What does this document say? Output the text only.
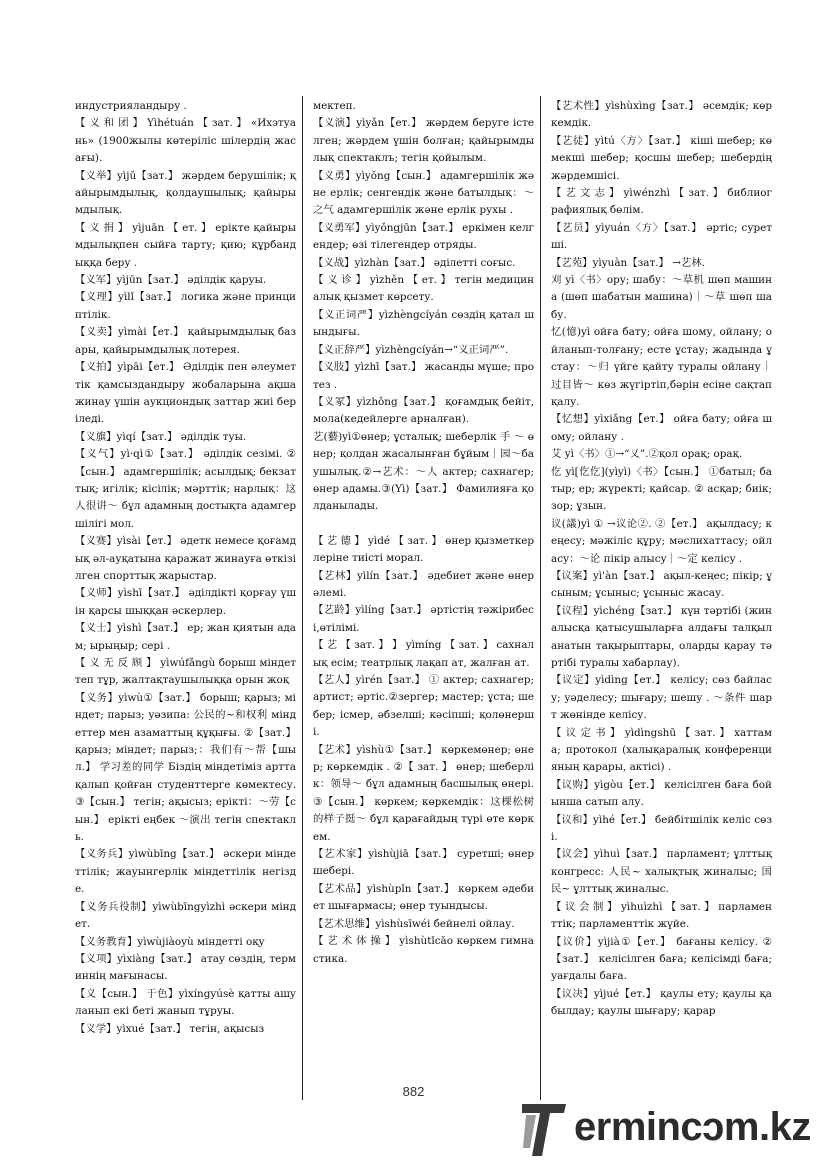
индустрияландыру .

【 义 和 团 】 Yìhétuán 【 зат. 】 «Ихэтуань» (1900жылы көтеріліс шілердің жасағы).

【义举】yìjǔ【зат.】 жәрдем берушілік; қайырымдылық, қолдаушылық; қайырымдылық.

【 义 捐 】 yìjuān 【 ет. 】 ерікте қайырымдылықпен сыйға тарту; қию; құрбандыққа беру .

【义军】yìjūn【зат.】 әділдік қаруы.

【义理】yìlǐ【зат.】 логика және принциптілік.

【义卖】yìmài【ет.】 қайырымдылық базары, қайырымдылық лотерея.

【义拍】yìpāi【ет.】 Әділдік пен әлеуметтік қамсыздандыру жобаларына ақша жинау үшін аукциондық заттар жиі беріледі.

【义旗】yìqí【зат.】 әділдік туы.

【义气】yì·qì①【зат.】 әділдік сезімі. ② 【сын.】 адамгершілік; асылдық; бекзаттық; игілік; кісілік; мәрттік; нарлық：这人很讲～ бұл адамның достықта адамгершілігі мол.

【义赛】yìsài【ет.】 әдетк немесе қоғамдық әл-ауқатына қаражат жинауға өткізілген спорттық жарыстар.

【义师】yìshī【зат.】 әділдікті қорғау үшін қарсы шыққан әскерлер.

【义士】yìshì【зат.】 ер; жан қиятын адам; ырыңыр; сері .

【 义 无 反 顾 】 yìwúfǎngù борыш міндеттеп тұр, жалтақтаушылыққа орын жоқ

【义务】yìwù①【зат.】 борыш; қарыз; міндет; парыз; уәзипа: 公民的~和权利 міндеттер мен азаматтың құқығы. ②【зат.】 қарыз; міндет; парыз;：我们有～帮【шыл.】 学习差的同学 Біздің міндетіміз артта қалып қойған студенттерге көмектесу. ③【сын.】 тегін; ақысыз; ерікті：～劳【сын.】 ерікті еңбек ～演出 тегін спектакль.

【义务兵】yìwùbīng【зат.】 әскери міндеттілік; жауынгерлік міндеттілік негізде.

【义务兵役制】yìwùbīngyìzhì әскери міндет.

【义务教育】yìwùjiàoyù міндетті оқу

【义项】yìxiàng【зат.】 атау сөздің, терминнің мағынасы.

【义【сын.】 于色】yìxíngyúsè қатты ашуланып екі беті жанып тұруы.

【义学】yìxué【зат.】 тегін, ақысыз

мектеп.

【义演】yìyǎn【ет.】 жәрдем беруге істелген; жәрдем үшін болған; қайырымдылық спектаклъ; тегін қойылым.

【义勇】yìyǒng【сын.】 адамгершілік және ерлік; сенгендік және батылдық：～之气 адамгершілік және ерлік рухы .

【义勇军】yìyǒngjūn【зат.】 еркімен келгендер; өзі тілегендер отряды.

【义战】yìzhàn【зат.】 әділетті соғыс.

【 义 诊 】 yìzhěn 【 ет. 】 тегін медициналық қызмет көрсету.

【义正词严】yìzhèngcíyán сөздің қатал шындығы.

【义正辞严】yìzhèngcíyán→“义正词严”.

【义肢】yìzhī【зат.】 жасанды мүше; протез .

【义冢】yìzhǒng【зат.】 қоғамдық бейіт, мола(кедейлерге арналған).

艺(藝)yì①өнер; ұсталық; шеберлік 手 ～ өнер; қолдан жасалынған бұйым｜园～баушылық.②→艺术：～人 актер; сахнагер; өнер адамы.③(Yì)【зат.】 Фамилияға қолданылады.

【 艺 德 】 yìdé 【 зат. 】 өнер қызметкерлеріне тиісті морал.

【艺林】yìlín【зат.】 әдебиет және өнер әлемі.

【艺龄】yìlíng【зат.】 әртістің тәжірибесі,өтілімі.

【 艺 【 зат. 】 】 yìmíng 【 зат. 】 сахналық есім; театрлық лақап ат, жалған ат.

【艺人】yìrén【зат.】 ① актер; сахнагер;артист; әртіс.②зергер; мастер; ұста; шебер; ісмер, әбзелші; кәсіпші; қолөнерші.

【艺术】yìshù①【зат.】 көркемөнер; өнер; көркемдік . ②【 зат. 】 өнер; шеберлік：领导～ бұл адамның басшылық өнері.③【сын.】 көркем; көркемдік：这棵松树的样子挺～ бұл қарағайдың түрі өте көркем.

【艺术家】yìshùjiā【зат.】 суретші; өнер шебері.

【艺术品】yìshùpǐn【зат.】 көркем әдебиет шығармасы; өнер туындысы.

【艺术思维】yìshùsīwéi бейнелі ойлау.

【 艺 术 体 操 】 yìshùtǐcāo көркем гимнастика.

【艺术性】yìshùxìng【зат.】 әсемдік; көркемдік.

【艺徒】yìtú〈方〉【зат.】 кіші шебер; көмекші шебер; қосшы шебер; шебердің жәрдемшісі.

【 艺 文 志 】 yìwénzhì 【 зат. 】 библиографиялық бөлім.

【艺员】yìyuán〈方〉【зат.】 әртіс; суретші.

【艺苑】yìyuàn【зат.】 →艺林.

刈 yì〈书〉ору; шабу：～草机 шөп машина (шөп шабатын машина)｜～草 шөп шабу.

忆(憶)yì ойға бату; ойға шому, ойлану; ойланып-толғану; есте ұстау; жадында ұстау：～归 үйге қайту туралы ойлану｜过目皆～ көз жүгіртіп,бәрін есіне сақтап қалу.

【忆想】yìxiǎng【ет.】 ойға бату; ойға шому; ойлану .

艾 yì〈书〉①→“乂”.②қол орақ; орақ.

仡 yì[仡仡](yìyì)〈书〉【сын.】 ①батыл; батыр; ер; жүректі; қайсар. ② асқар; биік; зор; ұзын.

议(議)yì ① →议论②. ②【ет.】 ақылдасу; кеңесу; мәжіліс құру; мәслихаттасу; ойласу：～论 пікір алысу｜～定 келісу .

【议案】yì'àn【зат.】 ақыл-кеңес; пікір; ұсыным; ұсыныс; ұсыныс жасау.

【议程】yìchéng【зат.】 күн тәртібі (жиналысқа қатысушыларға алдағы талқыланатын тақырыптары, оларды қарау тәртібі туралы хабарлау).

【议定】yìdìng【ет.】 келісу; сөз байласу; уәделесу; шығару; шешу . ～条件 шарт жөнінде келісу.

【 议 定 书 】 yìdìngshū 【 зат. 】 хаттама; протокол (халықаралық конференцияның қарары, актісі) .

【议购】yìgòu【ет.】 келісілген баға бойынша сатып алу.

【议和】yìhé【ет.】 бейбітшілік келіс сөзі.

【议会】yìhuì【зат.】 парламент; ұлттық конгресс: 人民~ халықтық жиналыс; 国民~ ұлттық жиналыс.

【 议 会 制 】 yìhuìzhì 【 зат. 】 парламенттік; парламенттік жүйе.

【议价】yìjià①【ет.】 бағаны келісу. ②【зат.】 келісілген баға; келісімді баға; уағдалы баға.

【议决】yìjué【ет.】 қаулы ету; қаулы қабылдау; қаулы шығару; қарар

882
ermincɔm.kz
